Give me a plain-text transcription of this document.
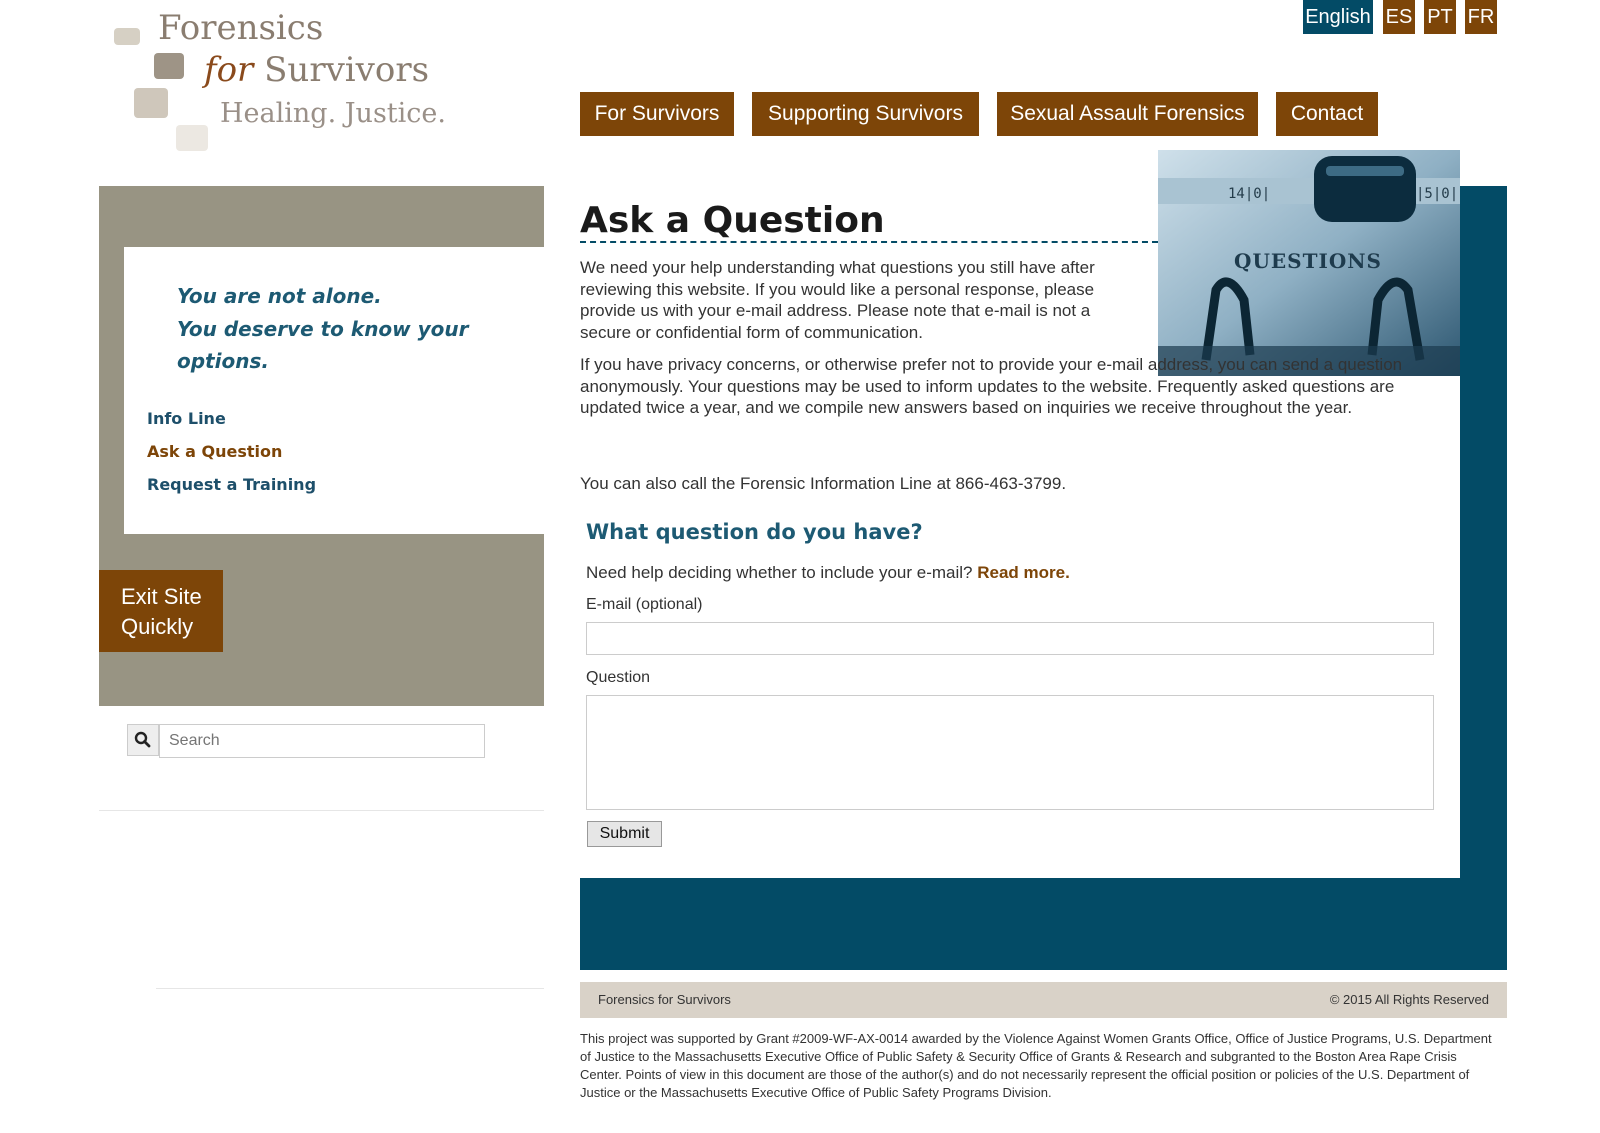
Forensics
for Survivors
Healing. Justice.
English ES PT FR
For Survivors	Supporting Survivors	Sexual Assault Forensics	Contact
You are not alone.
You deserve to know your
options.
Info Line
Ask a Question
Request a Training
Exit Site
Quickly
Search
14|0|	|5|0|
QUESTIONS
Ask a Question
We need your help understanding what questions you still have after reviewing this website. If you would like a personal response, please provide us with your e-mail address. Please note that e-mail is not a secure or confidential form of communication.
If you have privacy concerns, or otherwise prefer not to provide your e-mail address, you can send a question anonymously. Your questions may be used to inform updates to the website. Frequently asked questions are updated twice a year, and we compile new answers based on inquiries we receive throughout the year.
You can also call the Forensic Information Line at 866-463-3799.
What question do you have?
Need help deciding whether to include your e-mail? Read more.
E-mail (optional)
Question
Submit
Forensics for Survivors	© 2015 All Rights Reserved
This project was supported by Grant #2009-WF-AX-0014 awarded by the Violence Against Women Grants Office, Office of Justice Programs, U.S. Department of Justice to the Massachusetts Executive Office of Public Safety & Security Office of Grants & Research and subgranted to the Boston Area Rape Crisis Center. Points of view in this document are those of the author(s) and do not necessarily represent the official position or policies of the U.S. Department of Justice or the Massachusetts Executive Office of Public Safety Programs Division.
